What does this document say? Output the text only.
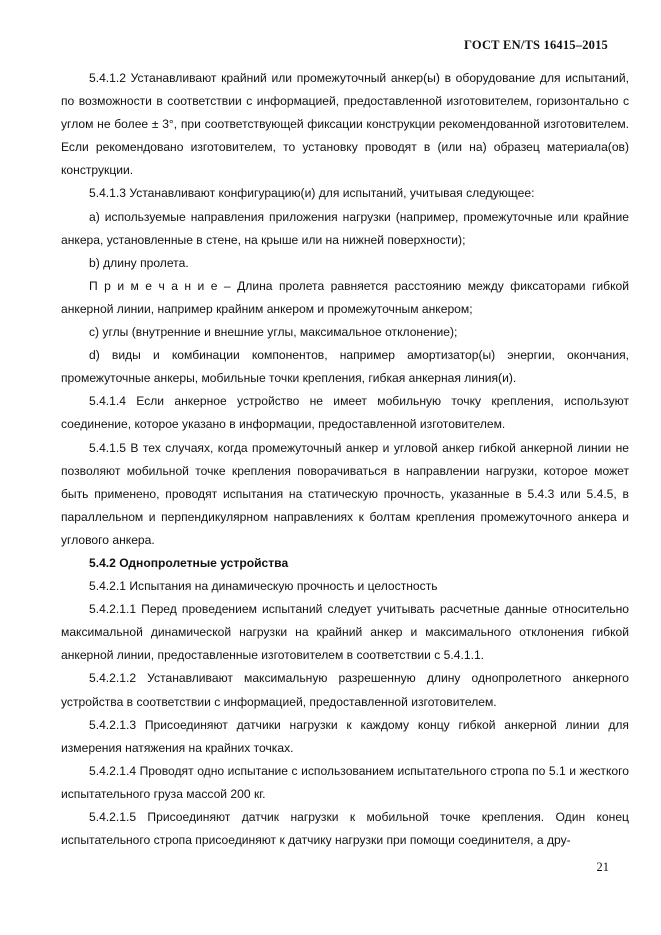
ГОСТ EN/TS 16415–2015

5.4.1.2 Устанавливают крайний или промежуточный анкер(ы) в оборудование для испытаний, по возможности в соответствии с информацией, предоставленной изготовителем, горизонтально с углом не более ± 3°, при соответствующей фиксации конструкции рекомендованной изготовителем. Если рекомендовано изготовителем, то установку проводят в (или на) образец материала(ов) конструкции.

5.4.1.3 Устанавливают конфигурацию(и) для испытаний, учитывая следующее:

a) используемые направления приложения нагрузки (например, промежуточные или крайние анкера, установленные в стене, на крыше или на нижней поверхности);

b) длину пролета.

П р и м е ч а н и е – Длина пролета равняется расстоянию между фиксаторами гибкой анкерной линии, например крайним анкером и промежуточным анкером;

c) углы (внутренние и внешние углы, максимальное отклонение);

d) виды и комбинации компонентов, например амортизатор(ы) энергии, окончания, промежуточные анкеры, мобильные точки крепления, гибкая анкерная линия(и).

5.4.1.4 Если анкерное устройство не имеет мобильную точку крепления, используют соединение, которое указано в информации, предоставленной изготовителем.

5.4.1.5 В тех случаях, когда промежуточный анкер и угловой анкер гибкой анкерной линии не позволяют мобильной точке крепления поворачиваться в направлении нагрузки, которое может быть применено, проводят испытания на статическую прочность, указанные в 5.4.3 или 5.4.5, в параллельном и перпендикулярном направлениях к болтам крепления промежуточного анкера и углового анкера.

5.4.2 Однопролетные устройства

5.4.2.1 Испытания на динамическую прочность и целостность

5.4.2.1.1 Перед проведением испытаний следует учитывать расчетные данные относительно максимальной динамической нагрузки на крайний анкер и максимального отклонения гибкой анкерной линии, предоставленные изготовителем в соответствии с 5.4.1.1.

5.4.2.1.2 Устанавливают максимальную разрешенную длину однопролетного анкерного устройства в соответствии с информацией, предоставленной изготовителем.

5.4.2.1.3 Присоединяют датчики нагрузки к каждому концу гибкой анкерной линии для измерения натяжения на крайних точках.

5.4.2.1.4 Проводят одно испытание с использованием испытательного стропа по 5.1 и жесткого испытательного груза массой 200 кг.

5.4.2.1.5 Присоединяют датчик нагрузки к мобильной точке крепления. Один конец испытательного стропа присоединяют к датчику нагрузки при помощи соединителя, а дру-

21
